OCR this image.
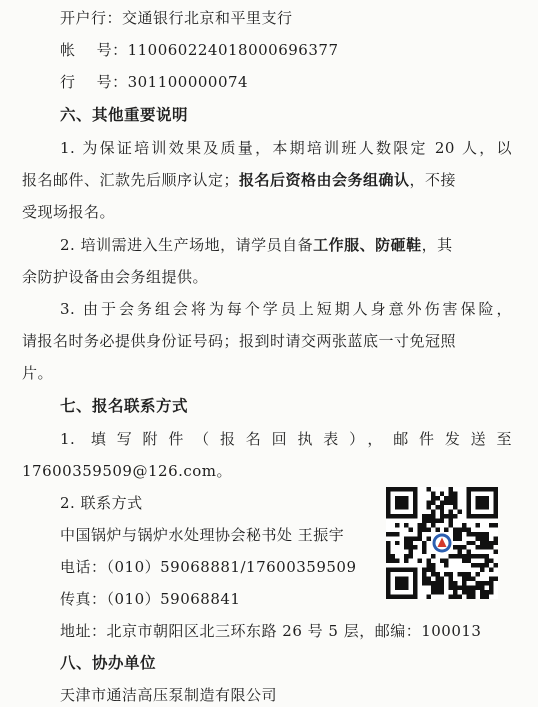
开户行：交通银行北京和平里支行
帐    号：110060224018000696377
行    号：301100000074
六、其他重要说明
1. 为保证培训效果及质量，本期培训班人数限定 20 人，以
报名邮件、汇款先后顺序认定；报名后资格由会务组确认，不接
受现场报名。
2. 培训需进入生产场地，请学员自备工作服、防砸鞋，其
余防护设备由会务组提供。
3. 由于会务组会将为每个学员上短期人身意外伤害保险，
请报名时务必提供身份证号码；报到时请交两张蓝底一寸免冠照
片。
七、报名联系方式
1. 填写附件（报名回执表），邮件发送至
17600359509@126.com。
2. 联系方式
中国锅炉与锅炉水处理协会秘书处 王振宇
电话：（010）59068881/17600359509
传真：（010）59068841
地址：北京市朝阳区北三环东路 26 号 5 层，邮编：100013
八、协办单位
天津市通洁高压泵制造有限公司
